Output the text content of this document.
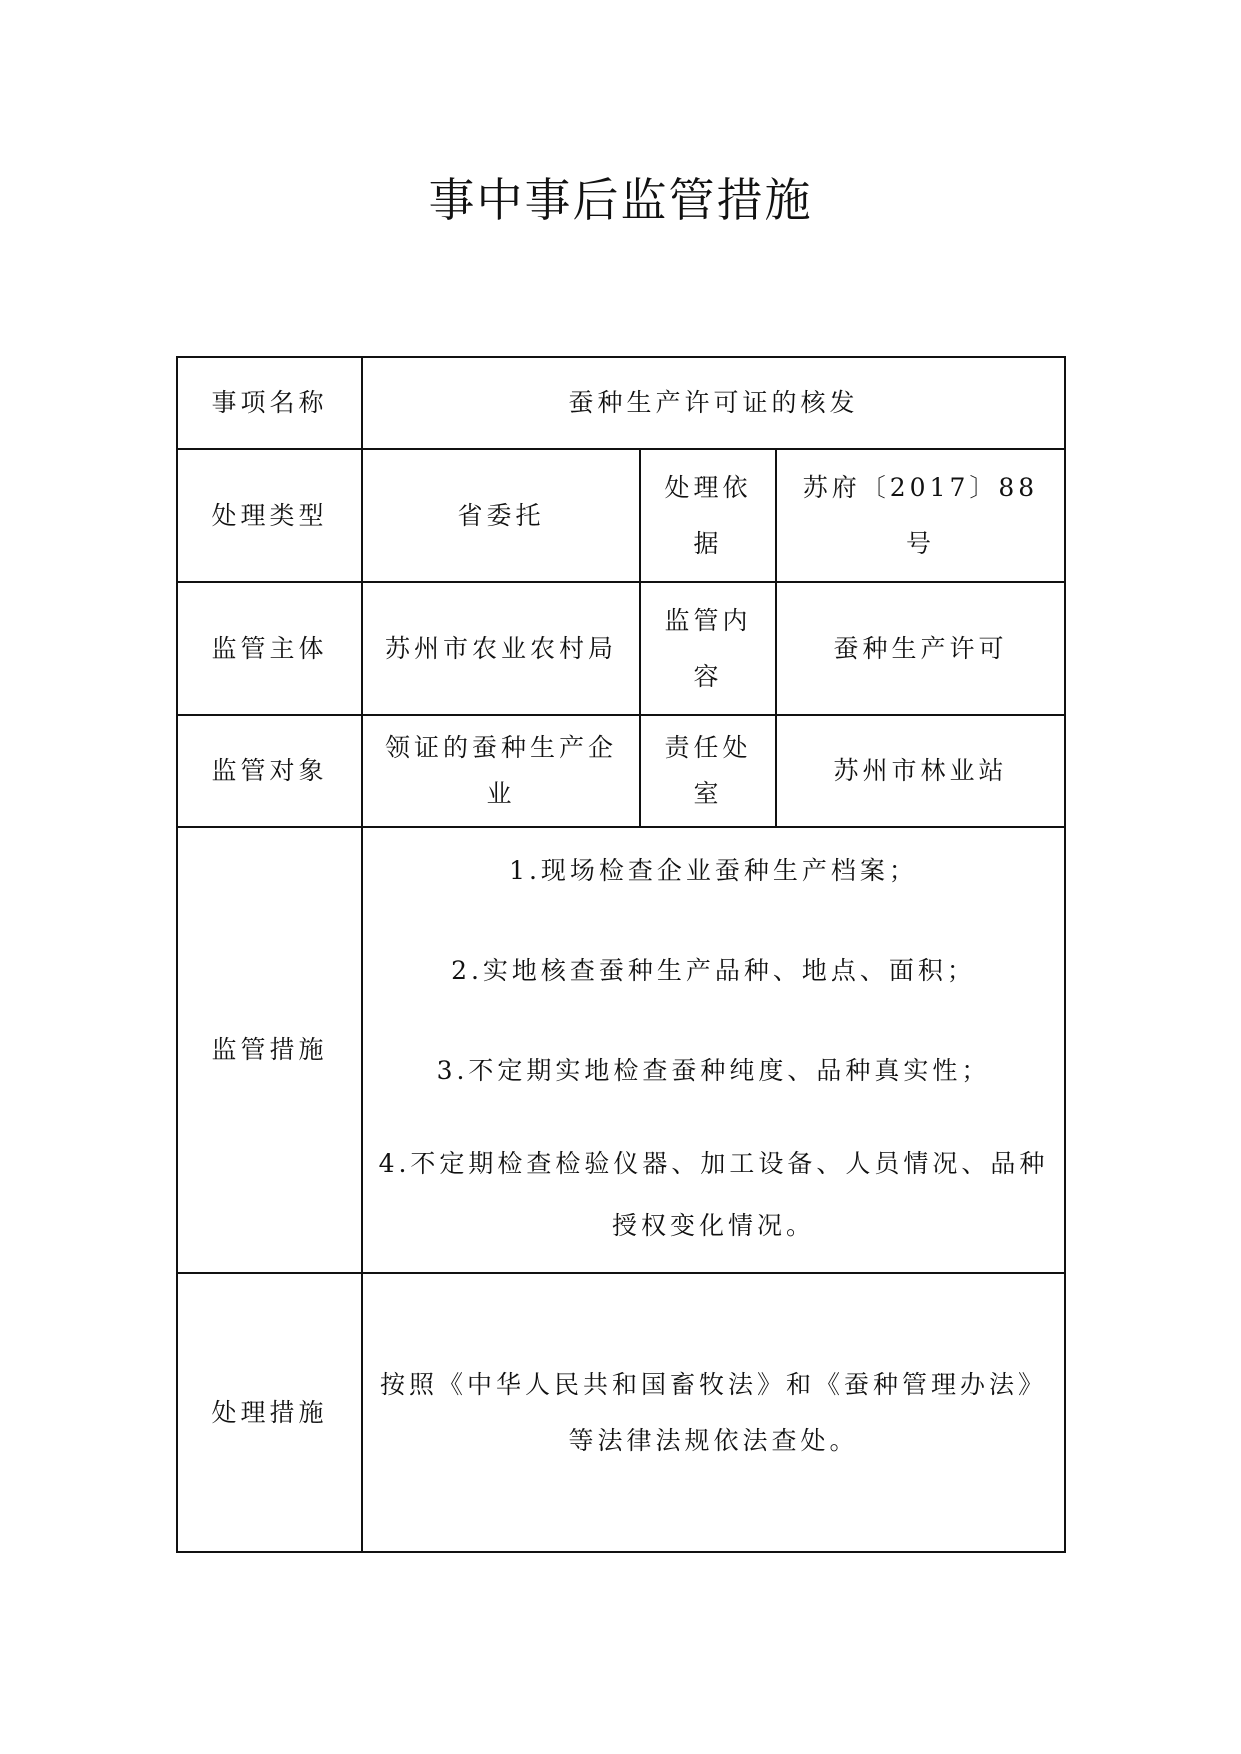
事中事后监管措施
事项名称	蚕种生产许可证的核发		
处理类型	省委托	处理依据	苏府〔2017〕88 号
监管主体	苏州市农业农村局	监管内容	蚕种生产许可
监管对象	领证的蚕种生产企业	责任处室	苏州市林业站
监管措施	1.现场检查企业蚕种生产档案；

2.实地核查蚕种生产品种、地点、面积；

3.不定期实地检查蚕种纯度、品种真实性；

4.不定期检查检验仪器、加工设备、人员情况、品种授权变化情况。		

处理措施	按照《中华人民共和国畜牧法》和《蚕种管理办法》等法律法规依法查处。		
